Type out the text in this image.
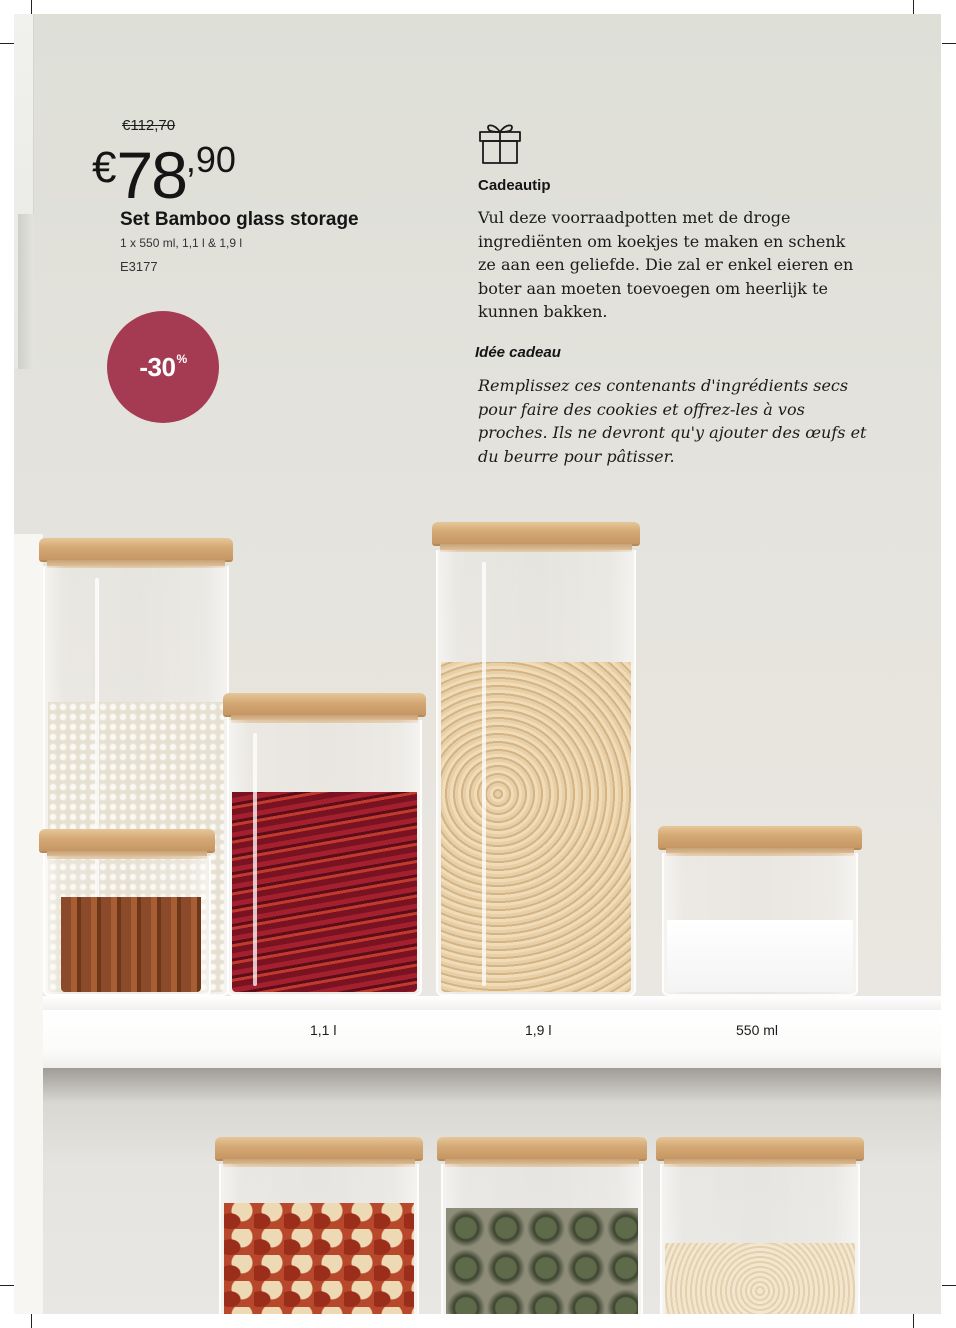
€112,70
€78,90
Set Bamboo glass storage
1 x 550 ml, 1,1 l & 1,9 l
E3177
-30%
Cadeautip
Vul deze voorraadpotten met de droge ingrediënten om koekjes te maken en schenk ze aan een geliefde. Die zal er enkel eieren en boter aan moeten toevoegen om heerlijk te kunnen bakken.
Idée cadeau
Remplissez ces contenants d'ingrédients secs pour faire des cookies et offrez-les à vos proches. Ils ne devront qu'y ajouter des œufs et du beurre pour pâtisser.
1,1 l	1,9 l	550 ml
